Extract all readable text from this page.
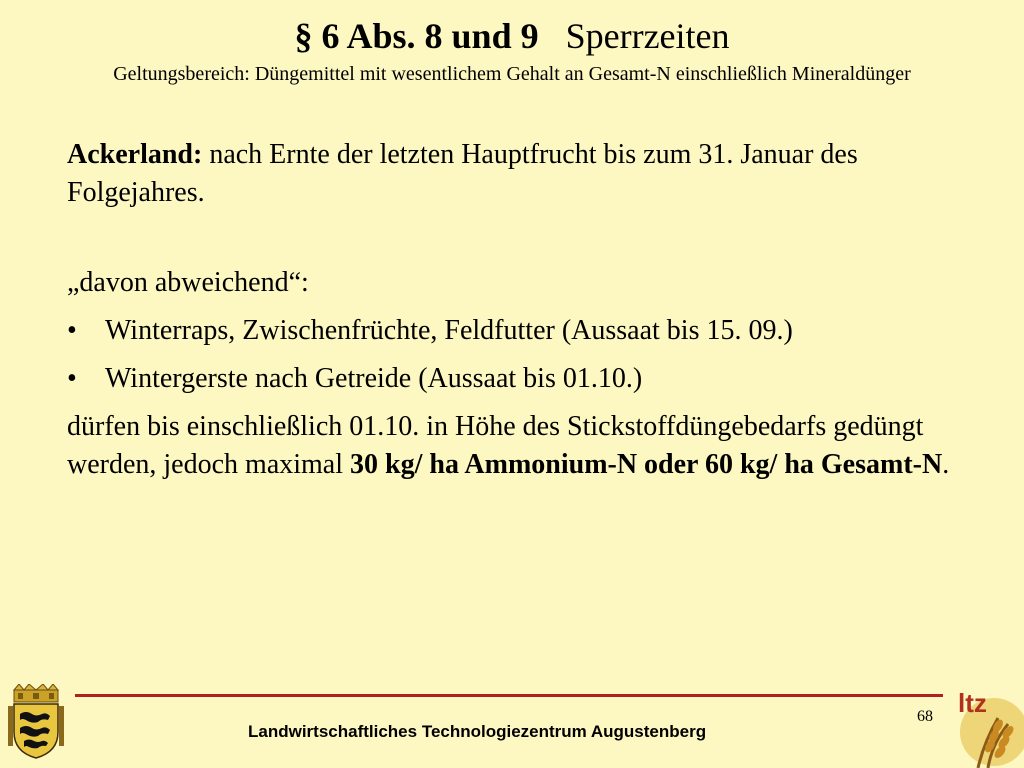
§ 6 Abs. 8 und 9 Sperrzeiten
Geltungsbereich: Düngemittel mit wesentlichem Gehalt an Gesamt-N einschließlich Mineraldünger

Ackerland: nach Ernte der letzten Hauptfrucht bis zum 31. Januar des Folgejahres.

„davon abweichend“:

• Winterraps, Zwischenfrüchte, Feldfutter (Aussaat bis 15. 09.)
• Wintergerste nach Getreide (Aussaat bis 01.10.)

dürfen bis einschließlich 01.10. in Höhe des Stickstoffdüngebedarfs gedüngt werden, jedoch maximal 30 kg/ ha Ammonium-N oder 60 kg/ ha Gesamt-N.

Landwirtschaftliches Technologiezentrum Augustenberg
68 ltz
